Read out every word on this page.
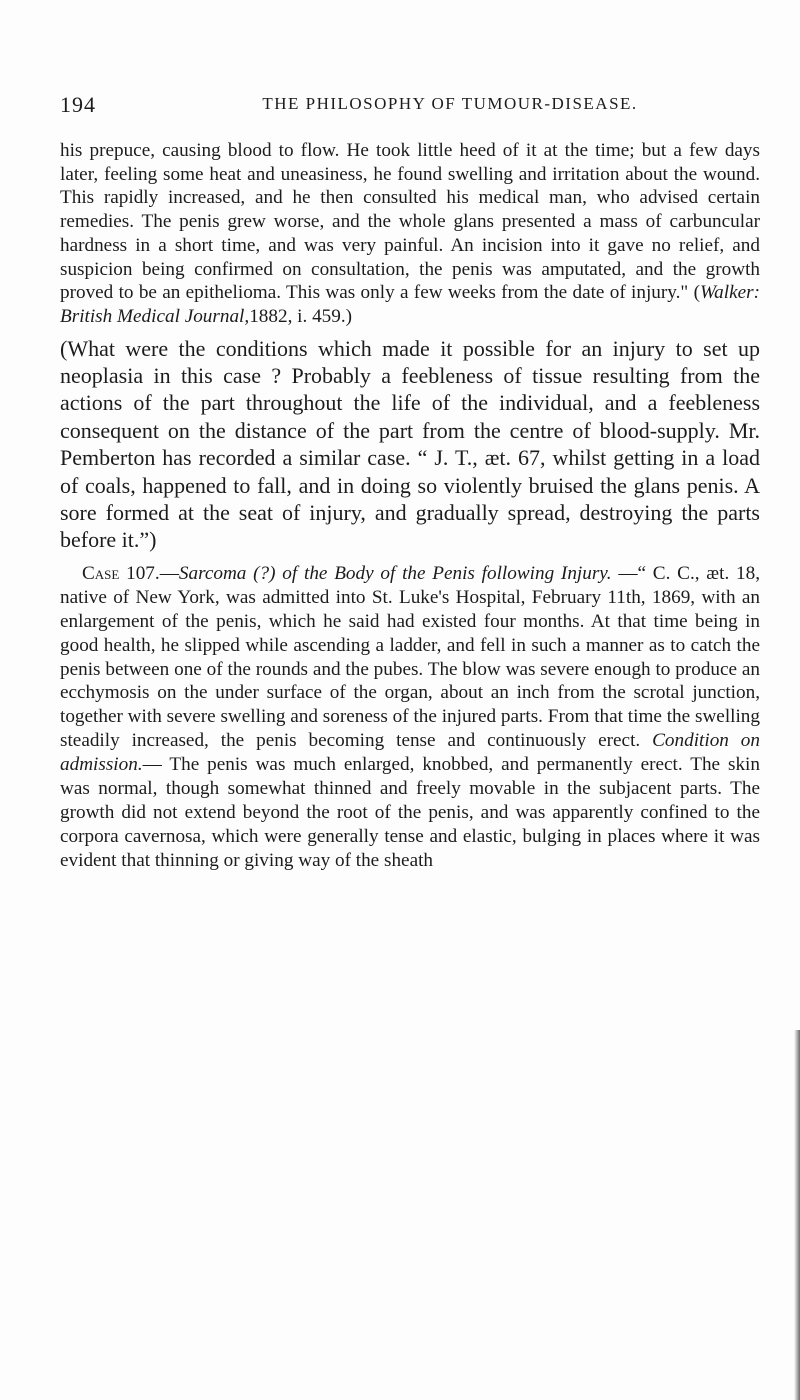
194	THE PHILOSOPHY OF TUMOUR-DISEASE.

his prepuce, causing blood to flow. He took little heed of it at the time; but a few days later, feeling some heat and uneasiness, he found swelling and irritation about the wound. This rapidly increased, and he then consulted his medical man, who advised certain remedies. The penis grew worse, and the whole glans presented a mass of carbuncular hardness in a short time, and was very painful. An incision into it gave no relief, and suspicion being confirmed on consultation, the penis was amputated, and the growth proved to be an epithelioma. This was only a few weeks from the date of injury." (Walker: British Medical Journal,1882, i. 459.)

(What were the conditions which made it possible for an injury to set up neoplasia in this case ? Probably a feebleness of tissue resulting from the actions of the part throughout the life of the individual, and a feebleness consequent on the distance of the part from the centre of blood-supply. Mr. Pemberton has recorded a similar case. “ J. T., æt. 67, whilst getting in a load of coals, happened to fall, and in doing so violently bruised the glans penis. A sore formed at the seat of injury, and gradually spread, destroying the parts before it.”)

Case 107.—Sarcoma (?) of the Body of the Penis following Injury. —“ C. C., æt. 18, native of New York, was admitted into St. Luke's Hospital, February 11th, 1869, with an enlargement of the penis, which he said had existed four months. At that time being in good health, he slipped while ascending a ladder, and fell in such a manner as to catch the penis between one of the rounds and the pubes. The blow was severe enough to produce an ecchymosis on the under surface of the organ, about an inch from the scrotal junction, together with severe swelling and soreness of the injured parts. From that time the swelling steadily increased, the penis becoming tense and continuously erect. Condition on admission.— The penis was much enlarged, knobbed, and permanently erect. The skin was normal, though somewhat thinned and freely movable in the subjacent parts. The growth did not extend beyond the root of the penis, and was apparently confined to the corpora cavernosa, which were generally tense and elastic, bulging in places where it was evident that thinning or giving way of the sheath
